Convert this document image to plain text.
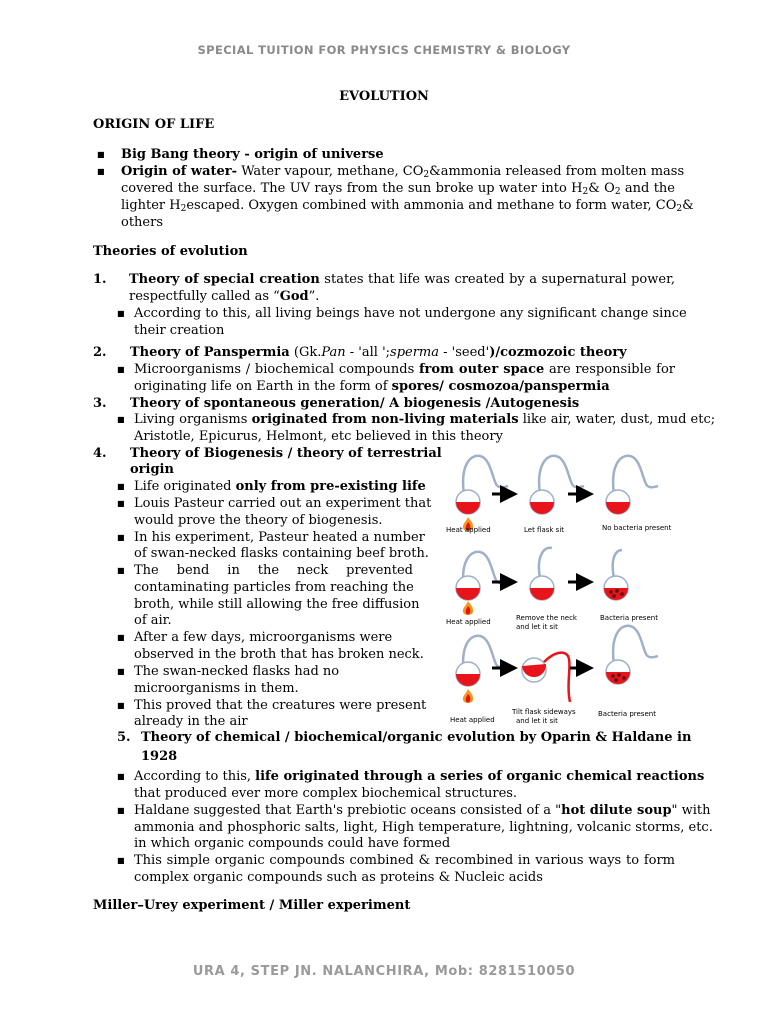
SPECIAL TUITION FOR PHYSICS CHEMISTRY & BIOLOGY
EVOLUTION
ORIGIN OF LIFE
■ Big Bang theory - origin of universe
■ Origin of water- Water vapour, methane, $CO_2\&ammonia$ released from molten mass
covered the surface. The UV rays from the sun broke up water into $H_2\&$ $O_2$ and the
lighter $H_2escaped$. Oxygen combined with ammonia and methane to form water, $CO_2\&$
others
Theories of evolution
1. Theory of special creation states that life was created by a supernatural power,
respectfully called as “God”.
■ According to this, all living beings have not undergone any significant change since
their creation
2. Theory of Panspermia (Gk.Pan - 'all ';sperma - 'seed')/cozmozoic theory
■ Microorganisms / biochemical compounds from outer space are responsible for
originating life on Earth in the form of spores/ cosmozoa/panspermia
3. Theory of spontaneous generation/ A biogenesis /Autogenesis
■ Living organisms originated from non-living materials like air, water, dust, mud etc;
Aristotle, Epicurus, Helmont, etc believed in this theory
4. Theory of Biogenesis / theory of terrestrial
origin
■ Life originated only from pre-existing life
■ Louis Pasteur carried out an experiment that
would prove the theory of biogenesis.
■ In his experiment, Pasteur heated a number
of swan-necked flasks containing beef broth.
■ The bend in the neck prevented
contaminating particles from reaching the
broth, while still allowing the free diffusion
of air.
■ After a few days, microorganisms were
observed in the broth that has broken neck.
■ The swan-necked flasks had no
microorganisms in them.
■ This proved that the creatures were present
already in the air
Heat applied	Let flask sit	No bacteria present
Heat applied	Remove the neck
and let it sit
Bacteria present
Heat applied
Tilt flask sideways
and let it sit
Bacteria present
5. Theory of chemical / biochemical/organic evolution by Oparin & Haldane in
1928
■ According to this, life originated through a series of organic chemical reactions
that produced ever more complex biochemical structures.
■ Haldane suggested that Earth's prebiotic oceans consisted of a "hot dilute soup" with
ammonia and phosphoric salts, light, High temperature, lightning, volcanic storms, etc.
in which organic compounds could have formed
■ This simple organic compounds combined & recombined in various ways to form
complex organic compounds such as proteins & Nucleic acids
Miller–Urey experiment / Miller experiment
URA 4, STEP JN. NALANCHIRA, Mob: 8281510050
